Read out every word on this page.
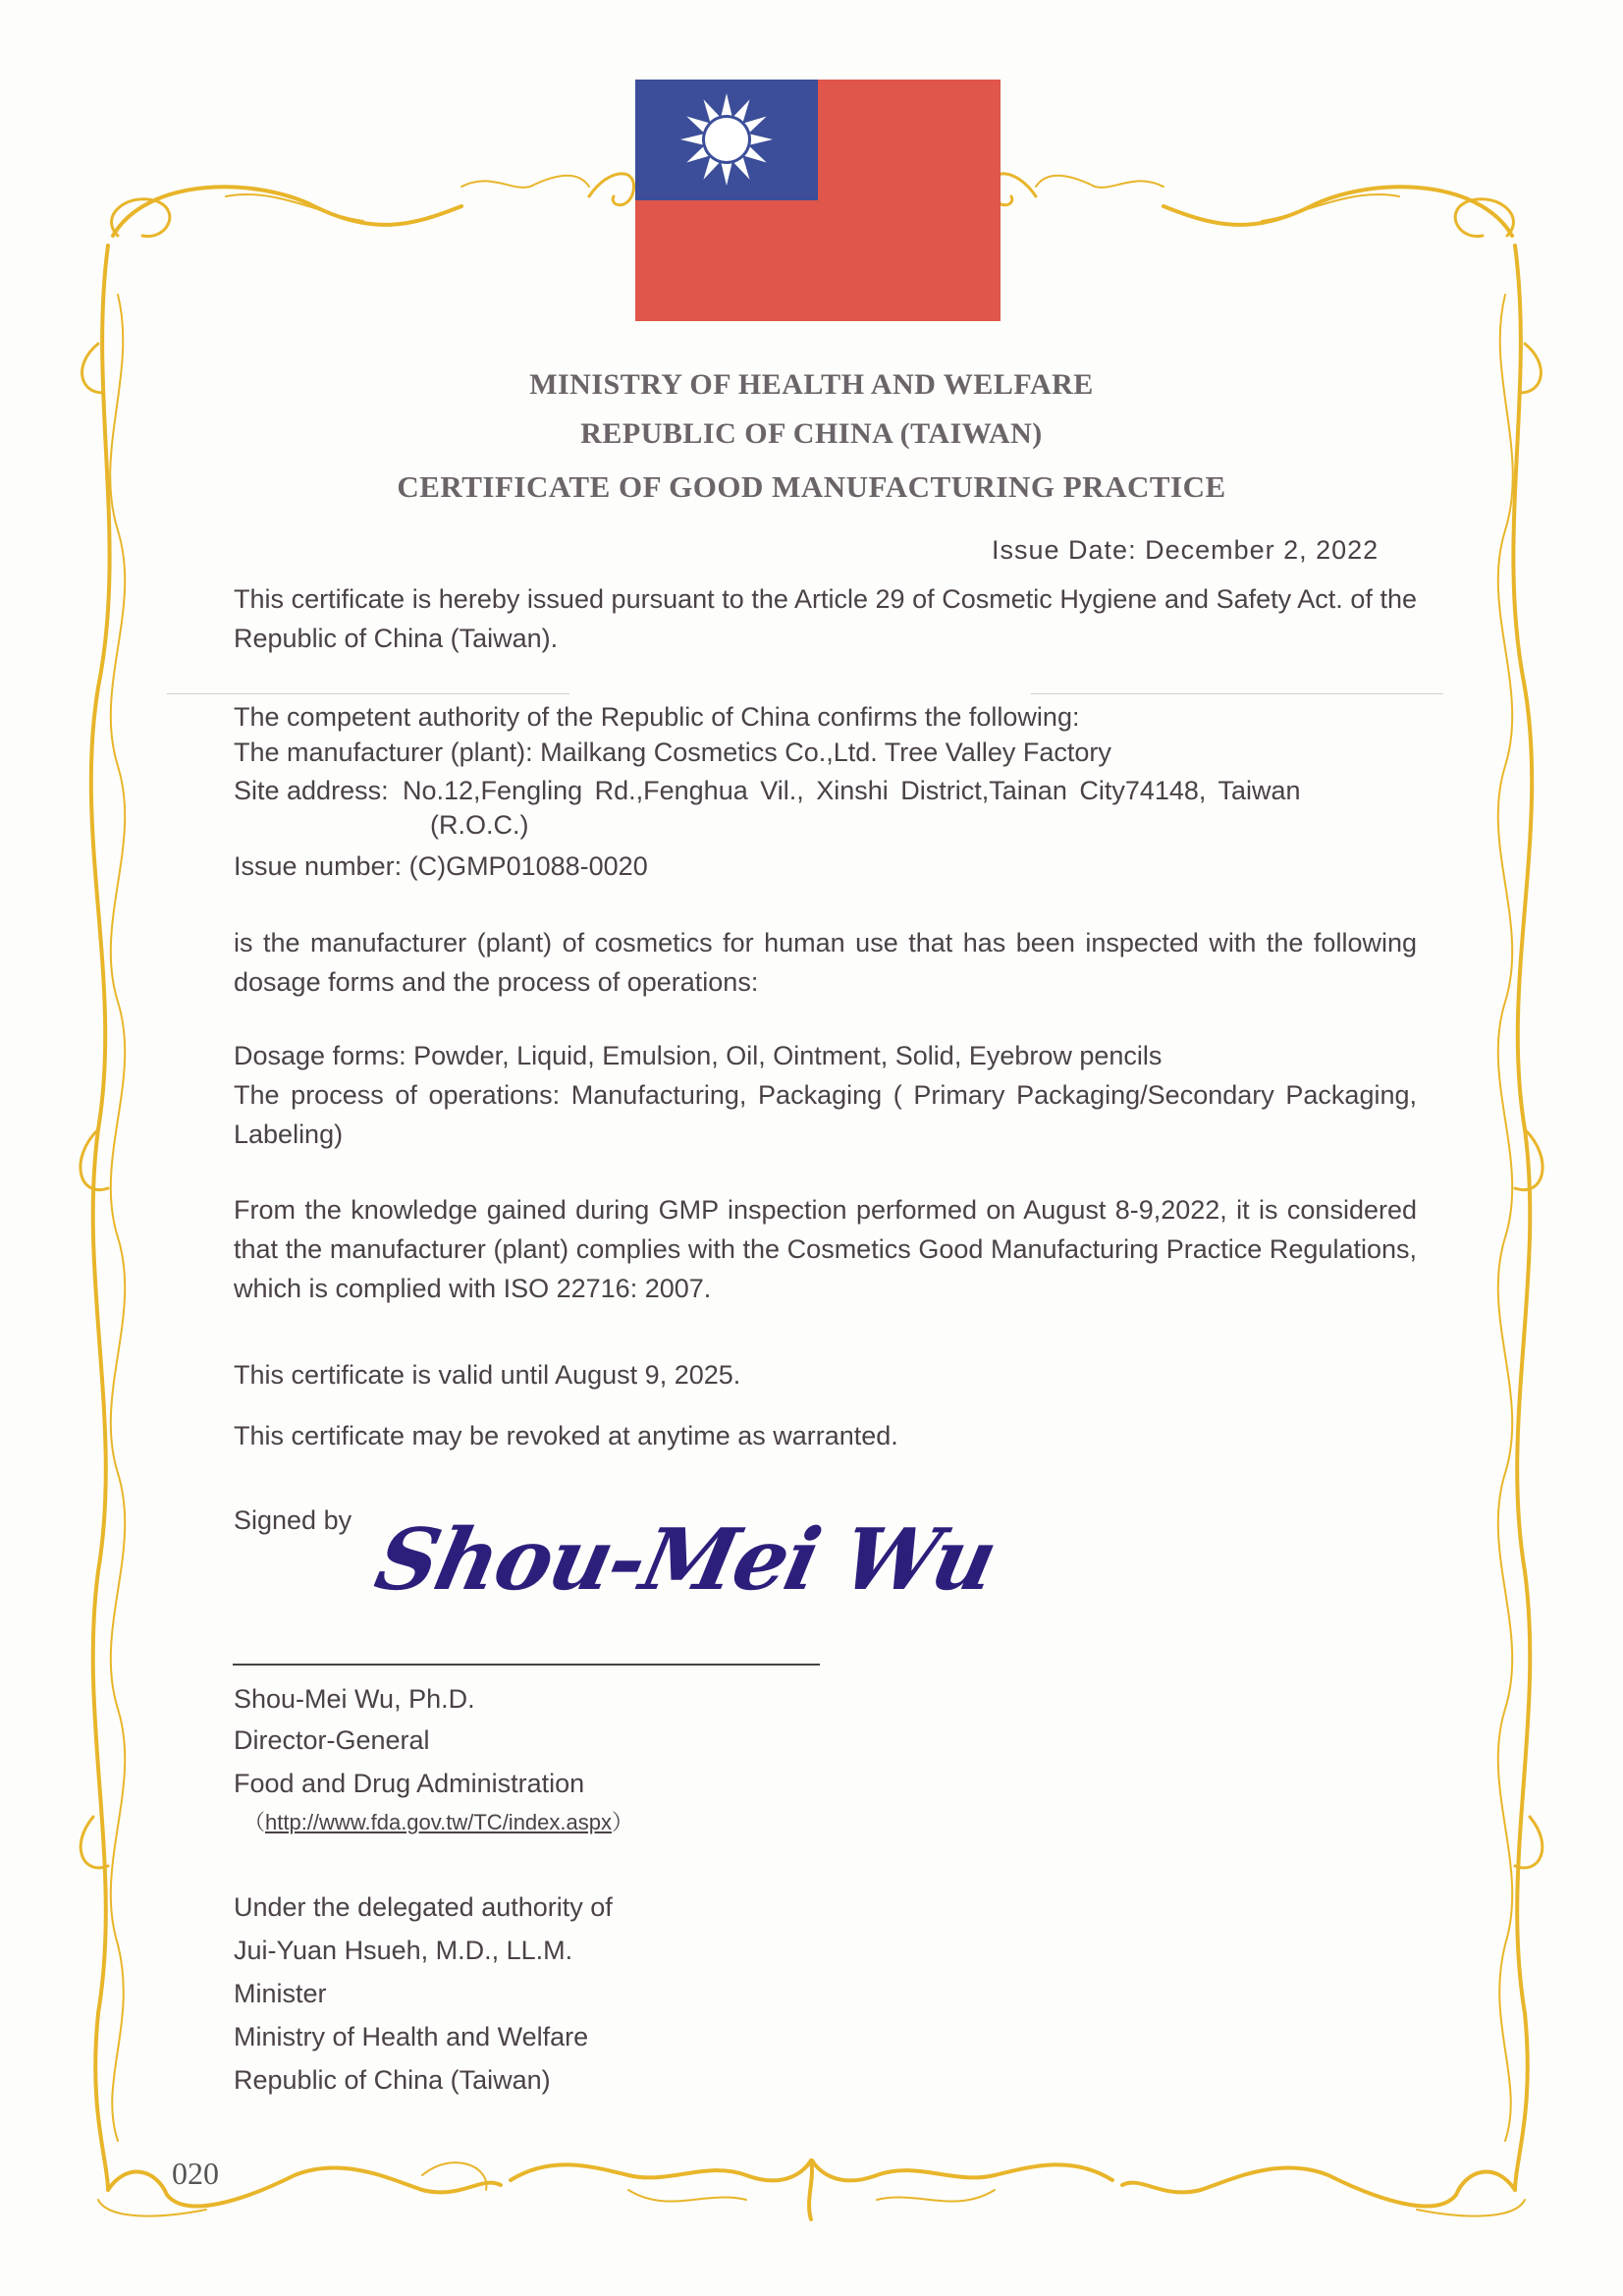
MINISTRY OF HEALTH AND WELFARE
REPUBLIC OF CHINA (TAIWAN)
CERTIFICATE OF GOOD MANUFACTURING PRACTICE
Issue Date: December 2, 2022
This certificate is hereby issued pursuant to the Article 29 of Cosmetic Hygiene and Safety Act. of the Republic of China (Taiwan).
The competent authority of the Republic of China confirms the following:
The manufacturer (plant): Mailkang Cosmetics Co.,Ltd. Tree Valley Factory
Site address: No.12,Fengling Rd.,Fenghua Vil., Xinshi District,Tainan City74148, Taiwan
(R.O.C.)
Issue number: (C)GMP01088-0020
is the manufacturer (plant) of cosmetics for human use that has been inspected with the following dosage forms and the process of operations:
Dosage forms: Powder, Liquid, Emulsion, Oil, Ointment, Solid, Eyebrow pencils
The process of operations: Manufacturing, Packaging ( Primary Packaging/Secondary Packaging, Labeling)
From the knowledge gained during GMP inspection performed on August 8-9,2022, it is considered that the manufacturer (plant) complies with the Cosmetics Good Manufacturing Practice Regulations, which is complied with ISO 22716: 2007.
This certificate is valid until August 9, 2025.
This certificate may be revoked at anytime as warranted.
Signed by Shou-Mei Wu
Shou-Mei Wu, Ph.D.
Director-General
Food and Drug Administration
（http://www.fda.gov.tw/TC/index.aspx）
Under the delegated authority of
Jui-Yuan Hsueh, M.D., LL.M.
Minister
Ministry of Health and Welfare
Republic of China (Taiwan)
020
